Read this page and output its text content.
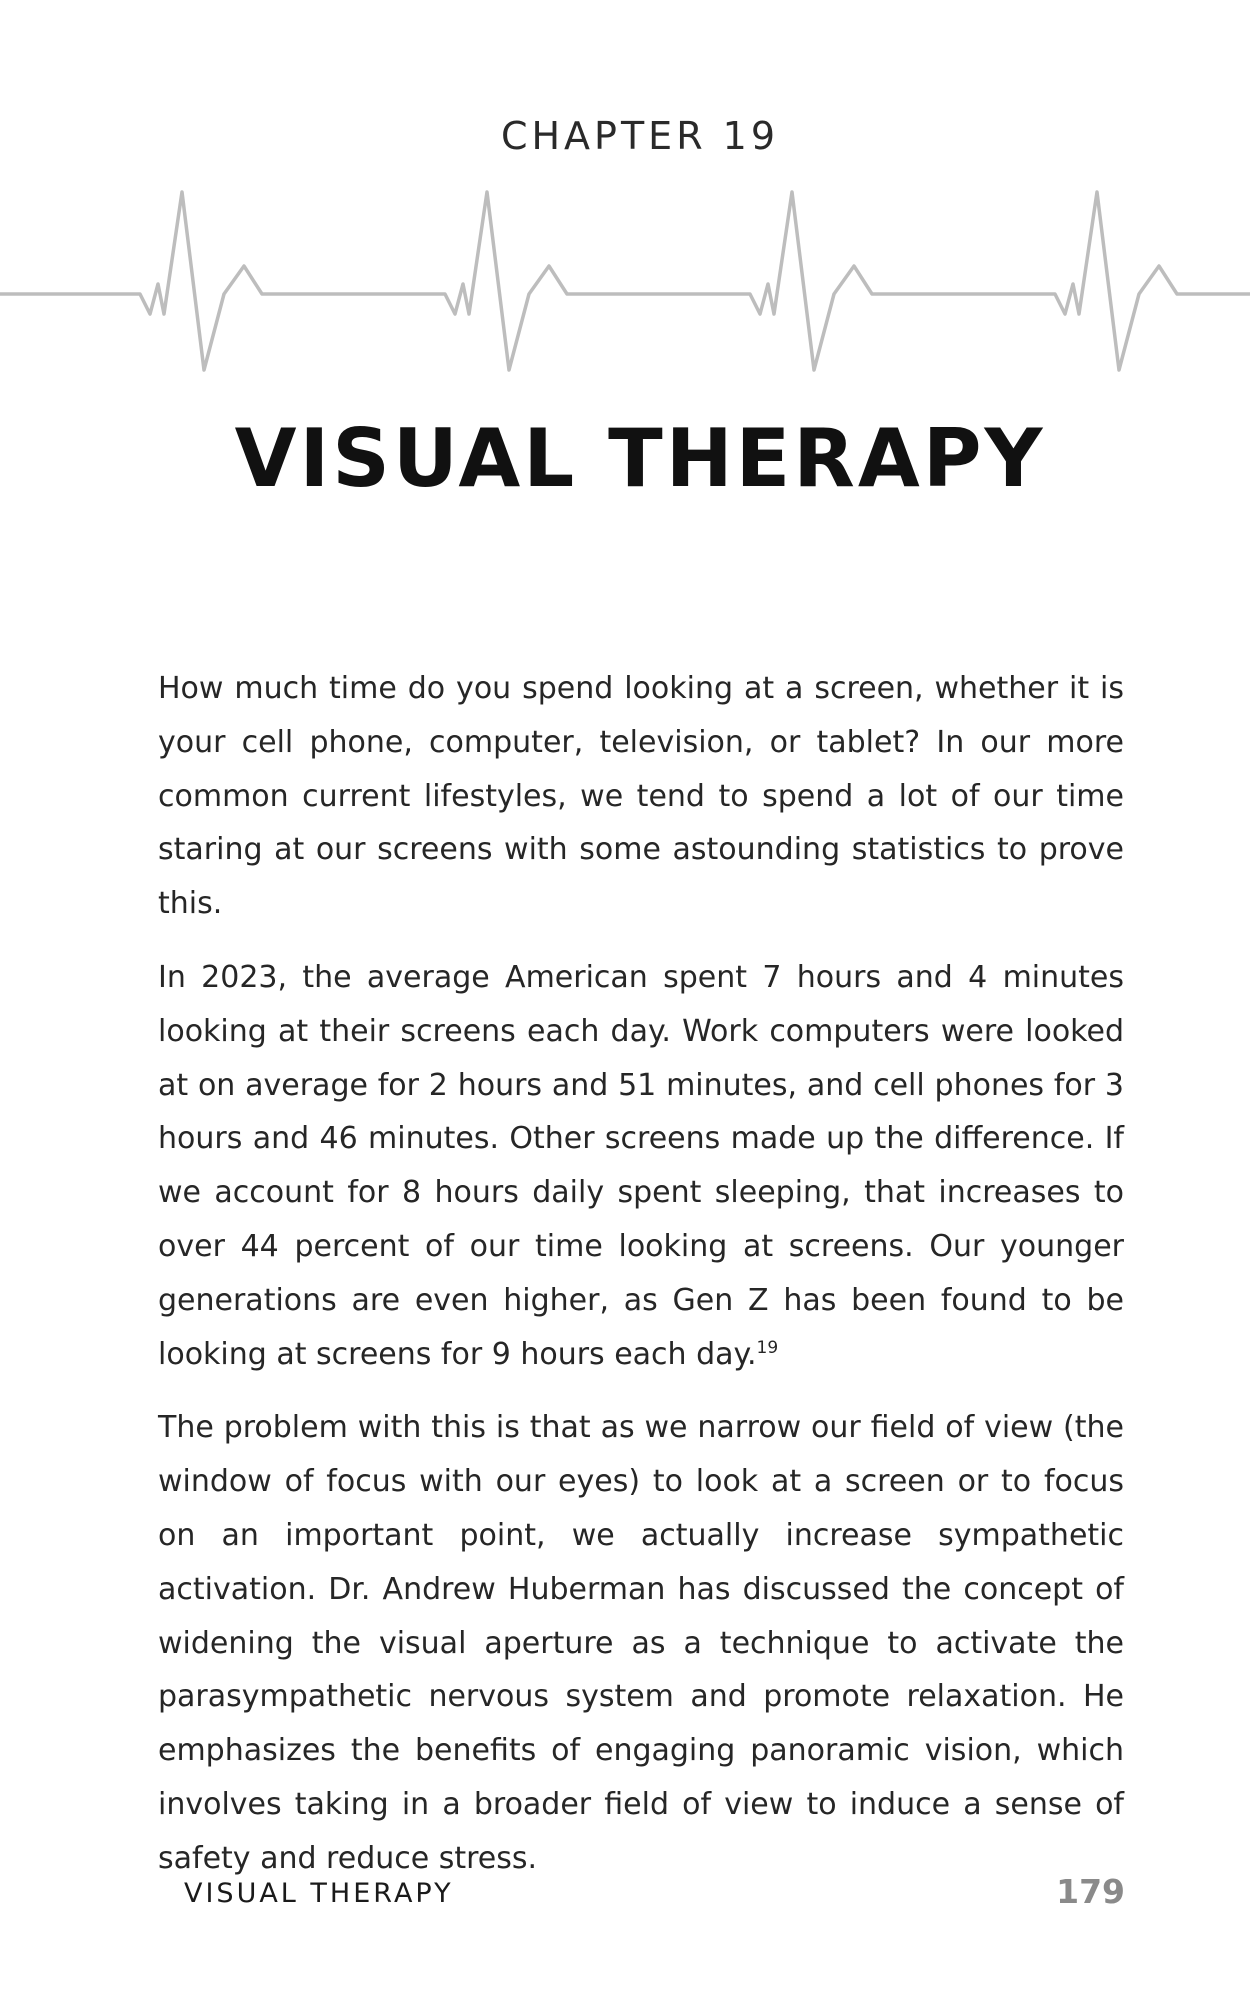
CHAPTER 19
VISUAL THERAPY

How much time do you spend looking at a screen, whether it is your cell phone, computer, television, or tablet? In our more common current lifestyles, we tend to spend a lot of our time staring at our screens with some astounding statistics to prove this.

In 2023, the average American spent 7 hours and 4 minutes looking at their screens each day. Work computers were looked at on average for 2 hours and 51 minutes, and cell phones for 3 hours and 46 minutes. Other screens made up the difference. If we account for 8 hours daily spent sleeping, that increases to over 44 percent of our time looking at screens. Our younger generations are even higher, as Gen Z has been found to be looking at screens for 9 hours each day.$^{19}$

The problem with this is that as we narrow our field of view (the window of focus with our eyes) to look at a screen or to focus on an important point, we actually increase sympathetic activation. Dr. Andrew Huberman has discussed the concept of widening the visual aperture as a technique to activate the parasympathetic nervous system and promote relaxation. He emphasizes the benefits of engaging panoramic vision, which involves taking in a broader field of view to induce a sense of safety and reduce stress.

VISUAL THERAPY	179
